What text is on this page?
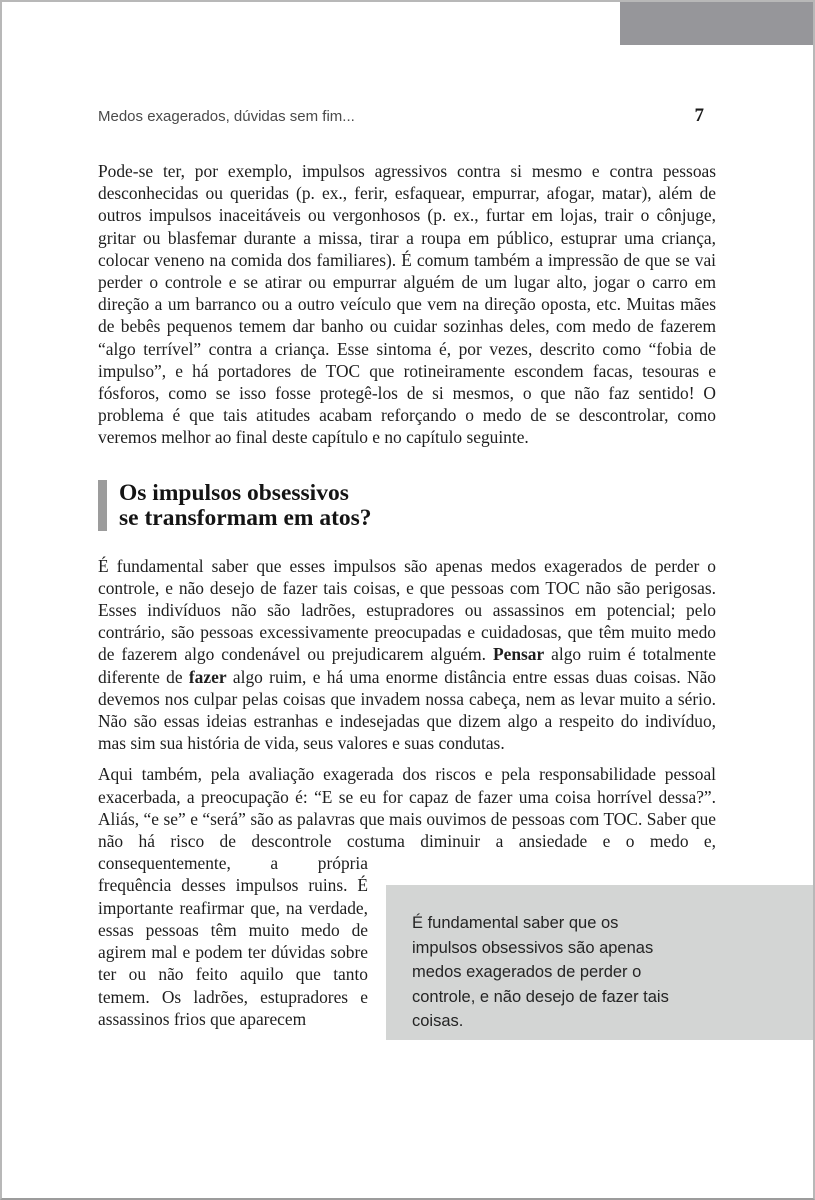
Medos exagerados, dúvidas sem fim...	7

Pode-se ter, por exemplo, impulsos agressivos contra si mesmo e contra pessoas desconhecidas ou queridas (p. ex., ferir, esfaquear, empurrar, afogar, matar), além de outros impulsos inaceitáveis ou vergonhosos (p. ex., furtar em lojas, trair o cônjuge, gritar ou blasfemar durante a missa, tirar a roupa em público, estuprar uma criança, colocar veneno na comida dos familiares). É comum também a impressão de que se vai perder o controle e se atirar ou empurrar alguém de um lugar alto, jogar o carro em direção a um barranco ou a outro veículo que vem na direção oposta, etc. Muitas mães de bebês pequenos temem dar banho ou cuidar sozinhas deles, com medo de fazerem “algo terrível” contra a criança. Esse sintoma é, por vezes, descrito como “fobia de impulso”, e há portadores de TOC que rotineiramente escondem facas, tesouras e fósforos, como se isso fosse protegê-los de si mesmos, o que não faz sentido! O problema é que tais atitudes acabam reforçando o medo de se descontrolar, como veremos melhor ao final deste capítulo e no capítulo seguinte.

Os impulsos obsessivos
se transformam em atos?

É fundamental saber que esses impulsos são apenas medos exagerados de perder o controle, e não desejo de fazer tais coisas, e que pessoas com TOC não são perigosas. Esses indivíduos não são ladrões, estupradores ou assassinos em potencial; pelo contrário, são pessoas excessivamente preocupadas e cuidadosas, que têm muito medo de fazerem algo condenável ou prejudicarem alguém. Pensar algo ruim é totalmente diferente de fazer algo ruim, e há uma enorme distância entre essas duas coisas. Não devemos nos culpar pelas coisas que invadem nossa cabeça, nem as levar muito a sério. Não são essas ideias estranhas e indesejadas que dizem algo a respeito do indivíduo, mas sim sua história de vida, seus valores e suas condutas.

Aqui também, pela avaliação exagerada dos riscos e pela responsabilidade pessoal exacerbada, a preocupação é: “E se eu for capaz de fazer uma coisa horrível dessa?”. Aliás, “e se” e “será” são as palavras que mais ouvimos de pessoas com TOC. Saber que não há risco de descontrole costuma diminuir a ansiedade
É fundamental saber que os impulsos obsessivos são apenas medos exagerados de perder o controle, e não desejo de fazer tais coisas.
e o medo e, consequentemente, a própria frequência desses impulsos ruins. É importante reafirmar que, na verdade, essas pessoas têm muito medo de agirem mal e podem ter dúvidas sobre ter ou não feito aquilo que tanto temem. Os ladrões, estupradores e assassinos frios que aparecem
